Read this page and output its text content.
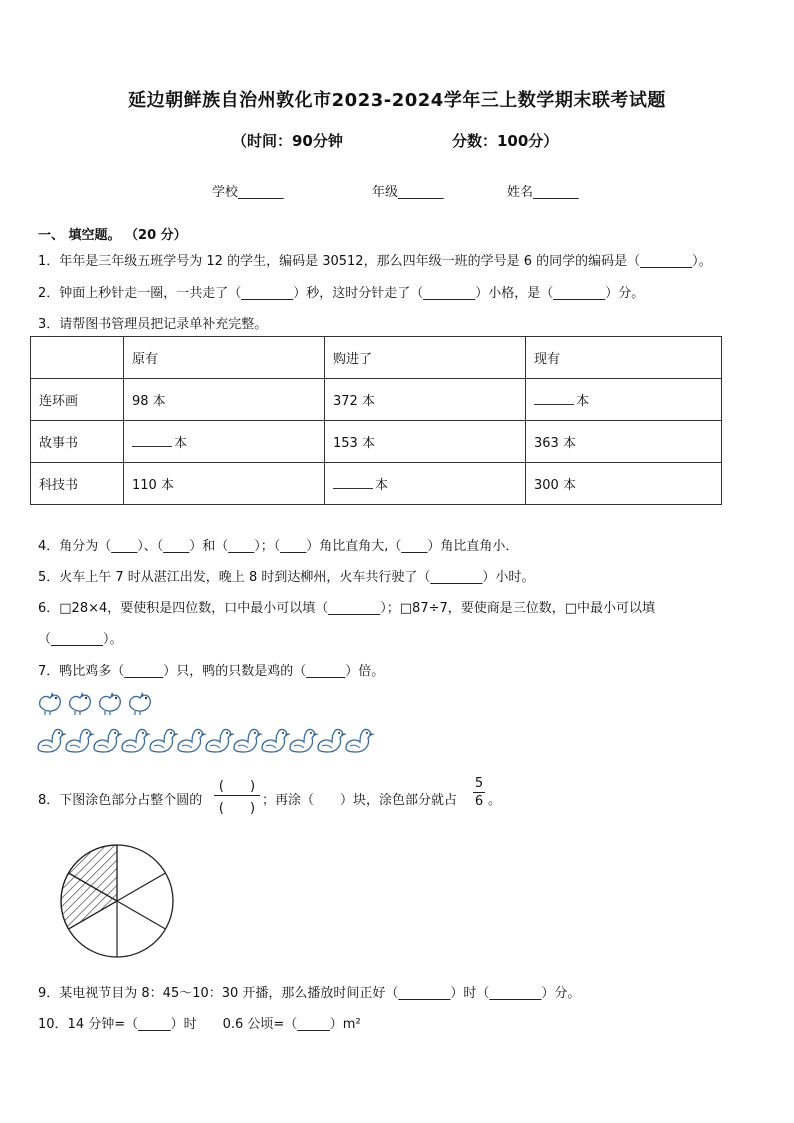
延边朝鲜族自治州敦化市2023-2024学年三上数学期末联考试题
（时间：90分钟	分数：100分）
学校_______	年级_______	姓名_______
一、 填空题。 （20 分）
1．年年是三年级五班学号为 12 的学生，编码是 30512，那么四年级一班的学号是 6 的同学的编码是（________）。
2．钟面上秒针走一圈，一共走了（________）秒，这时分针走了（________）小格，是（________）分。
3．请帮图书管理员把记录单补充完整。
	原有	购进了	现有
连环画	98 本	372 本	本
故事书	本	153 本	363 本
科技书	110 本	本	300 本
4．角分为（____）、（____）和（____）；（____）角比直角大,（____）角比直角小．
5．火车上午 7 时从湛江出发，晚上 8 时到达柳州，火车共行驶了（________）小时。
6．□28×4，要使积是四位数，口中最小可以填（________）；□87÷7，要使商是三位数，□中最小可以填
（________）。
7．鸭比鸡多（______）只，鸭的只数是鸡的（______）倍。
8．下图涂色部分占整个圆的
(　　)
(　　)
；再涂（　　）块，涂色部分就占
5
6 。
9．某电视节目为 8：45～10：30 开播，那么播放时间正好（________）时（________）分。
10．14 分钟=（_____）时　　0.6 公顷=（_____）m²
